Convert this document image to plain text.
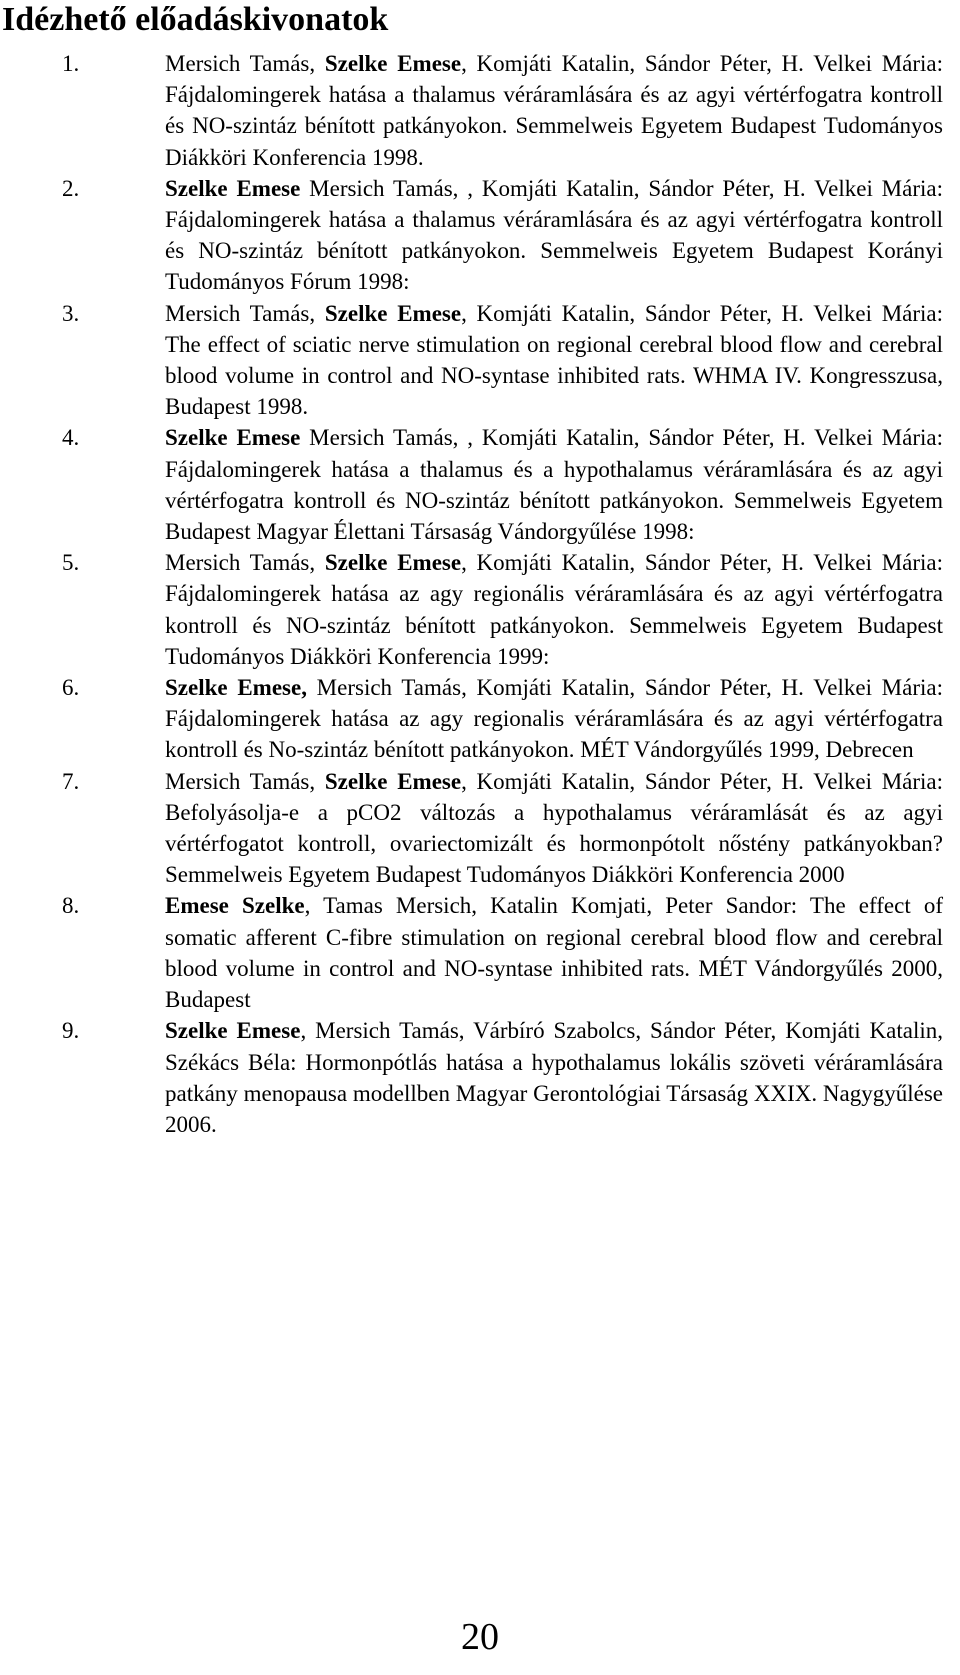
Idézhető előadáskivonatok
1.	Mersich Tamás, Szelke Emese, Komjáti Katalin, Sándor Péter, H. Velkei Mária: Fájdalomingerek hatása a thalamus véráramlására és az agyi vértérfogatra kontroll és NO-szintáz bénított patkányokon. Semmelweis Egyetem Budapest Tudományos Diákköri Konferencia 1998.
2.	Szelke Emese Mersich Tamás, , Komjáti Katalin, Sándor Péter, H. Velkei Mária: Fájdalomingerek hatása a thalamus véráramlására és az agyi vértérfogatra kontroll és NO-szintáz bénított patkányokon. Semmelweis Egyetem Budapest Korányi Tudományos Fórum 1998:
3.	Mersich Tamás, Szelke Emese, Komjáti Katalin, Sándor Péter, H. Velkei Mária: The effect of sciatic nerve stimulation on regional cerebral blood flow and cerebral blood volume in control and NO-syntase inhibited rats. WHMA IV. Kongresszusa, Budapest 1998.
4.	Szelke Emese Mersich Tamás, , Komjáti Katalin, Sándor Péter, H. Velkei Mária: Fájdalomingerek hatása a thalamus és a hypothalamus véráramlására és az agyi vértérfogatra kontroll és NO-szintáz bénított patkányokon. Semmelweis Egyetem Budapest Magyar Élettani Társaság Vándorgyűlése 1998:
5.	Mersich Tamás, Szelke Emese, Komjáti Katalin, Sándor Péter, H. Velkei Mária: Fájdalomingerek hatása az agy regionális véráramlására és az agyi vértérfogatra kontroll és NO-szintáz bénított patkányokon. Semmelweis Egyetem Budapest Tudományos Diákköri Konferencia 1999:
6.	Szelke Emese, Mersich Tamás, Komjáti Katalin, Sándor Péter, H. Velkei Mária: Fájdalomingerek hatása az agy regionalis véráramlására és az agyi vértérfogatra kontroll és No-szintáz bénított patkányokon. MÉT Vándorgyűlés 1999, Debrecen
7.	Mersich Tamás, Szelke Emese, Komjáti Katalin, Sándor Péter, H. Velkei Mária: Befolyásolja-e a pCO2 változás a hypothalamus véráramlását és az agyi vértérfogatot kontroll, ovariectomizált és hormonpótolt nőstény patkányokban? Semmelweis Egyetem Budapest Tudományos Diákköri Konferencia 2000
8.	Emese Szelke, Tamas Mersich, Katalin Komjati, Peter Sandor: The effect of somatic afferent C-fibre stimulation on regional cerebral blood flow and cerebral blood volume in control and NO-syntase inhibited rats. MÉT Vándorgyűlés 2000, Budapest
9.	Szelke Emese, Mersich Tamás, Várbíró Szabolcs, Sándor Péter, Komjáti Katalin, Székács Béla: Hormonpótlás hatása a hypothalamus lokális szöveti véráramlására patkány menopausa modellben Magyar Gerontológiai Társaság XXIX. Nagygyűlése 2006.
20
